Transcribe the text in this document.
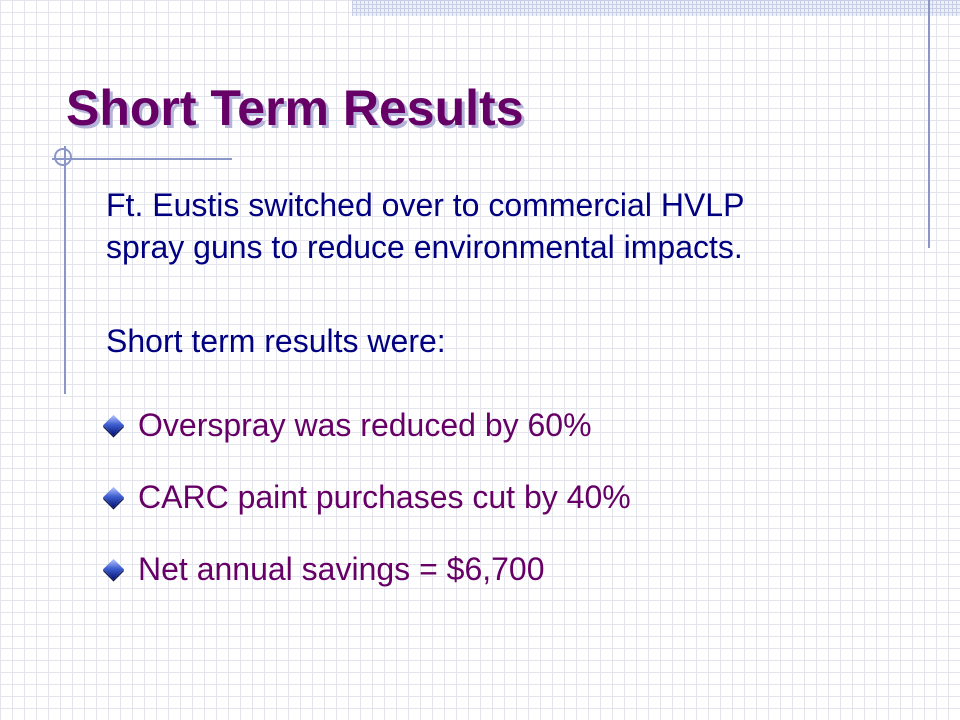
Short Term Results
Ft. Eustis switched over to commercial HVLP
spray guns to reduce environmental impacts.
Short term results were:
Overspray was reduced by 60%
CARC paint purchases cut by 40%
Net annual savings = $6,700
